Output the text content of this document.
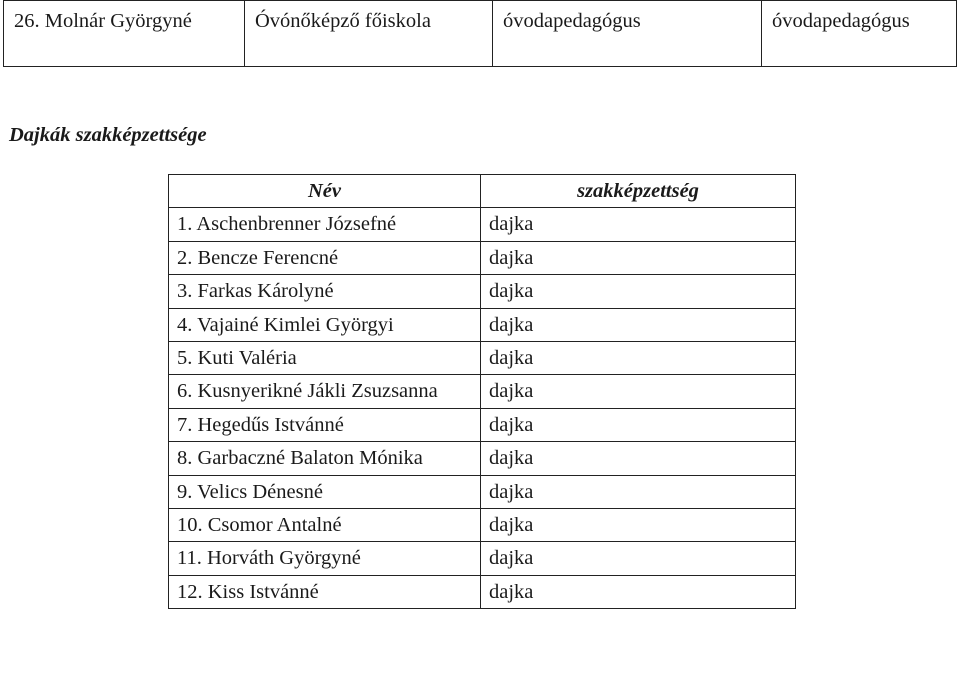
26. Molnár Györgyné	Óvónőképző főiskola	óvodapedagógus	óvodapedagógus

Dajkák szakképzettsége

Név	szakképzettség
1. Aschenbrenner Józsefné	dajka
2. Bencze Ferencné	dajka
3. Farkas Károlyné	dajka
4. Vajainé Kimlei Györgyi	dajka
5. Kuti Valéria	dajka
6. Kusnyerikné Jákli Zsuzsanna	dajka
7. Hegedűs Istvánné	dajka
8. Garbaczné Balaton Mónika	dajka
9. Velics Dénesné	dajka
10. Csomor Antalné	dajka
11. Horváth Györgyné	dajka
12. Kiss Istvánné	dajka
